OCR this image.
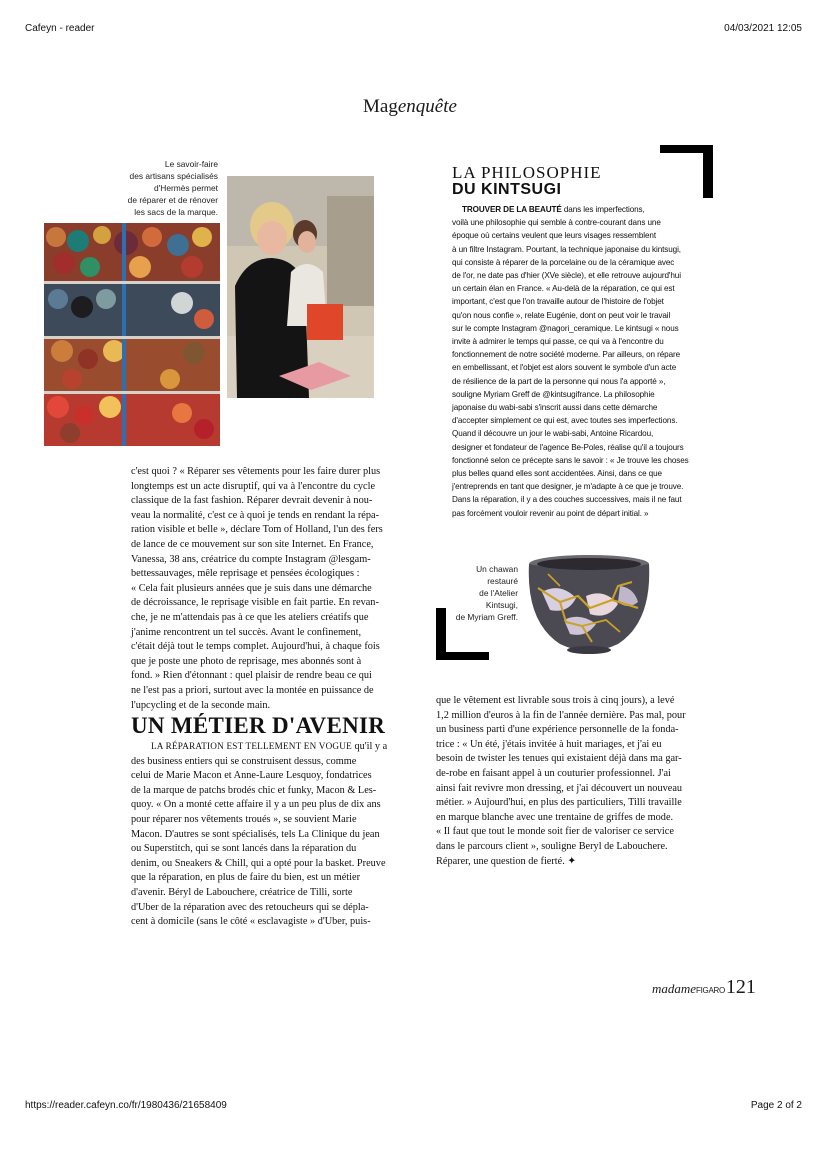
Cafeyn - reader	04/03/2021 12:05
Magenquête
Le savoir-faire
des artisans spécialisés
d'Hermès permet
de réparer et de rénover
les sacs de la marque.
LA PHILOSOPHIE
DU KINTSUGI
TROUVER DE LA BEAUTÉ dans les imperfections,
voilà une philosophie qui semble à contre-courant dans une
époque où certains veulent que leurs visages ressemblent
à un filtre Instagram. Pourtant, la technique japonaise du kintsugi,
qui consiste à réparer de la porcelaine ou de la céramique avec
de l'or, ne date pas d'hier (XVe siècle), et elle retrouve aujourd'hui
un certain élan en France. « Au-delà de la réparation, ce qui est
important, c'est que l'on travaille autour de l'histoire de l'objet
qu'on nous confie », relate Eugénie, dont on peut voir le travail
sur le compte Instagram @nagori_ceramique. Le kintsugi « nous
invite à admirer le temps qui passe, ce qui va à l'encontre du
fonctionnement de notre société moderne. Par ailleurs, on répare
en embellissant, et l'objet est alors souvent le symbole d'un acte
de résilience de la part de la personne qui nous l'a apporté »,
souligne Myriam Greff de @kintsugifrance. La philosophie
japonaise du wabi-sabi s'inscrit aussi dans cette démarche
d'accepter simplement ce qui est, avec toutes ses imperfections.
Quand il découvre un jour le wabi-sabi, Antoine Ricardou,
designer et fondateur de l'agence Be-Poles, réalise qu'il a toujours
fonctionné selon ce précepte sans le savoir : « Je trouve les choses
plus belles quand elles sont accidentées. Ainsi, dans ce que
j'entreprends en tant que designer, je m'adapte à ce que je trouve.
Dans la réparation, il y a des couches successives, mais il ne faut
pas forcément vouloir revenir au point de départ initial. »
Un chawan
restauré
de l'Atelier
Kintsugi,
de Myriam Greff.
c'est quoi ? « Réparer ses vêtements pour les faire durer plus
longtemps est un acte disruptif, qui va à l'encontre du cycle
classique de la fast fashion. Réparer devrait devenir à nou-
veau la normalité, c'est ce à quoi je tends en rendant la répa-
ration visible et belle », déclare Tom of Holland, l'un des fers
de lance de ce mouvement sur son site Internet. En France,
Vanessa, 38 ans, créatrice du compte Instagram @lesgam-
bettessauvages, mêle reprisage et pensées écologiques :
« Cela fait plusieurs années que je suis dans une démarche
de décroissance, le reprisage visible en fait partie. En revan-
che, je ne m'attendais pas à ce que les ateliers créatifs que
j'anime rencontrent un tel succès. Avant le confinement,
c'était déjà tout le temps complet. Aujourd'hui, à chaque fois
que je poste une photo de reprisage, mes abonnés sont à
fond. » Rien d'étonnant : quel plaisir de rendre beau ce qui
ne l'est pas a priori, surtout avec la montée en puissance de
l'upcycling et de la seconde main.
UN MÉTIER D'AVENIR
LA RÉPARATION EST TELLEMENT EN VOGUE qu'il y a
des business entiers qui se construisent dessus, comme
celui de Marie Macon et Anne-Laure Lesquoy, fondatrices
de la marque de patchs brodés chic et funky, Macon & Les-
quoy. « On a monté cette affaire il y a un peu plus de dix ans
pour réparer nos vêtements troués », se souvient Marie
Macon. D'autres se sont spécialisés, tels La Clinique du jean
ou Superstitch, qui se sont lancés dans la réparation du
denim, ou Sneakers & Chill, qui a opté pour la basket. Preuve
que la réparation, en plus de faire du bien, est un métier
d'avenir. Béryl de Labouchere, créatrice de Tilli, sorte
d'Uber de la réparation avec des retoucheurs qui se dépla-
cent à domicile (sans le côté « esclavagiste » d'Uber, puis-
que le vêtement est livrable sous trois à cinq jours), a levé
1,2 million d'euros à la fin de l'année dernière. Pas mal, pour
un business parti d'une expérience personnelle de la fonda-
trice : « Un été, j'étais invitée à huit mariages, et j'ai eu
besoin de twister les tenues qui existaient déjà dans ma gar-
de-robe en faisant appel à un couturier professionnel. J'ai
ainsi fait revivre mon dressing, et j'ai découvert un nouveau
métier. » Aujourd'hui, en plus des particuliers, Tilli travaille
en marque blanche avec une trentaine de griffes de mode.
« Il faut que tout le monde soit fier de valoriser ce service
dans le parcours client », souligne Beryl de Labouchere.
Réparer, une question de fierté. ✦
madameFIGARO121
https://reader.cafeyn.co/fr/1980436/21658409	Page 2 of 2
